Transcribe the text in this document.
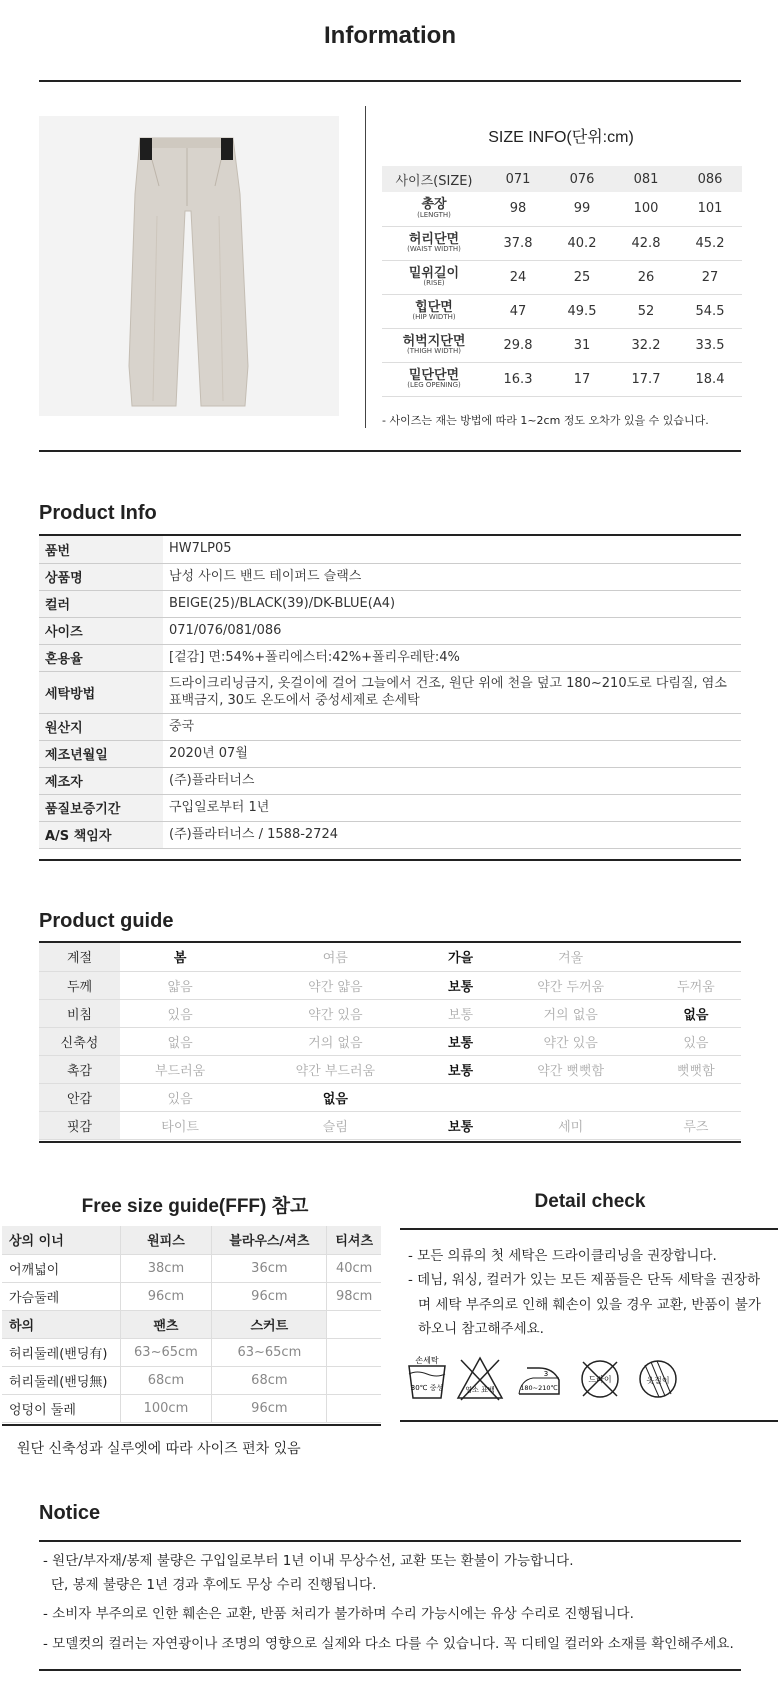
Information
SIZE INFO(단위:cm)
사이즈(SIZE)	071	076	081	086

총장
(LENGTH)	98	99	100	101

허리단면
(WAIST WIDTH)	37.8	40.2	42.8	45.2

밑위길이
(RISE)	24	25	26	27

힙단면
(HIP WIDTH)	47	49.5	52	54.5

허벅지단면
(THIGH WIDTH)	29.8	31	32.2	33.5

밑단단면
(LEG OPENING)	16.3	17	17.7	18.4
- 사이즈는 재는 방법에 따라 1~2cm 정도 오차가 있을 수 있습니다.
Product Info
품번	HW7LP05
상품명	남성 사이드 밴드 테이퍼드 슬랙스
컬러	BEIGE(25)/BLACK(39)/DK-BLUE(A4)
사이즈	071/076/081/086
혼용율	[겉감] 면:54%+폴리에스터:42%+폴리우레탄:4%
세탁방법	드라이크리닝금지, 옷걸이에 걸어 그늘에서 건조, 원단 위에 천을 덮고 180~210도로 다림질, 염소 표백금지, 30도 온도에서 중성세제로 손세탁
원산지	중국
제조년월일	2020년 07월
제조자	(주)플라터너스
품질보증기간	구입일로부터 1년
A/S 책임자	(주)플라터너스 / 1588-2724
Product guide
계절	봄	여름	가을	겨울	
두께	얇음	약간 얇음	보통	약간 두꺼움	두꺼움
비침	있음	약간 있음	보통	거의 없음	없음
신축성	없음	거의 없음	보통	약간 있음	있음
촉감	부드러움	약간 부드러움	보통	약간 뻣뻣함	뻣뻣함
안감	있음	없음			
핏감	타이트	슬림	보통	세미	루즈
Free size guide(FFF) 참고
상의 이너	원피스	블라우스/셔츠	티셔츠
어깨넓이	38cm	36cm	40cm
가슴둘레	96cm	96cm	98cm
하의	팬츠	스커트	
허리둘레(밴딩有)	63~65cm	63~65cm	
허리둘레(밴딩無)	68cm	68cm	
엉덩이 둘레	100cm	96cm	
원단 신축성과 실루엣에 따라 사이즈 편차 있음
Detail check
- 모든 의류의 첫 세탁은 드라이클리닝을 권장합니다.
- 데님, 워싱, 컬러가 있는 모든 제품들은 단독 세탁을 권장하며 세탁 부주의로 인해 훼손이 있을 경우 교환, 반품이 불가하오니 참고해주세요.
손세탁
30℃ 중성	염소 표백
3
180~210℃
드라이	옷걸이
Notice
- 원단/부자재/봉제 불량은 구입일로부터 1년 이내 무상수선, 교환 또는 환불이 가능합니다.
단, 봉제 불량은 1년 경과 후에도 무상 수리 진행됩니다.
- 소비자 부주의로 인한 훼손은 교환, 반품 처리가 불가하며 수리 가능시에는 유상 수리로 진행됩니다.
- 모델컷의 컬러는 자연광이나 조명의 영향으로 실제와 다소 다를 수 있습니다. 꼭 디테일 컬러와 소재를 확인해주세요.
